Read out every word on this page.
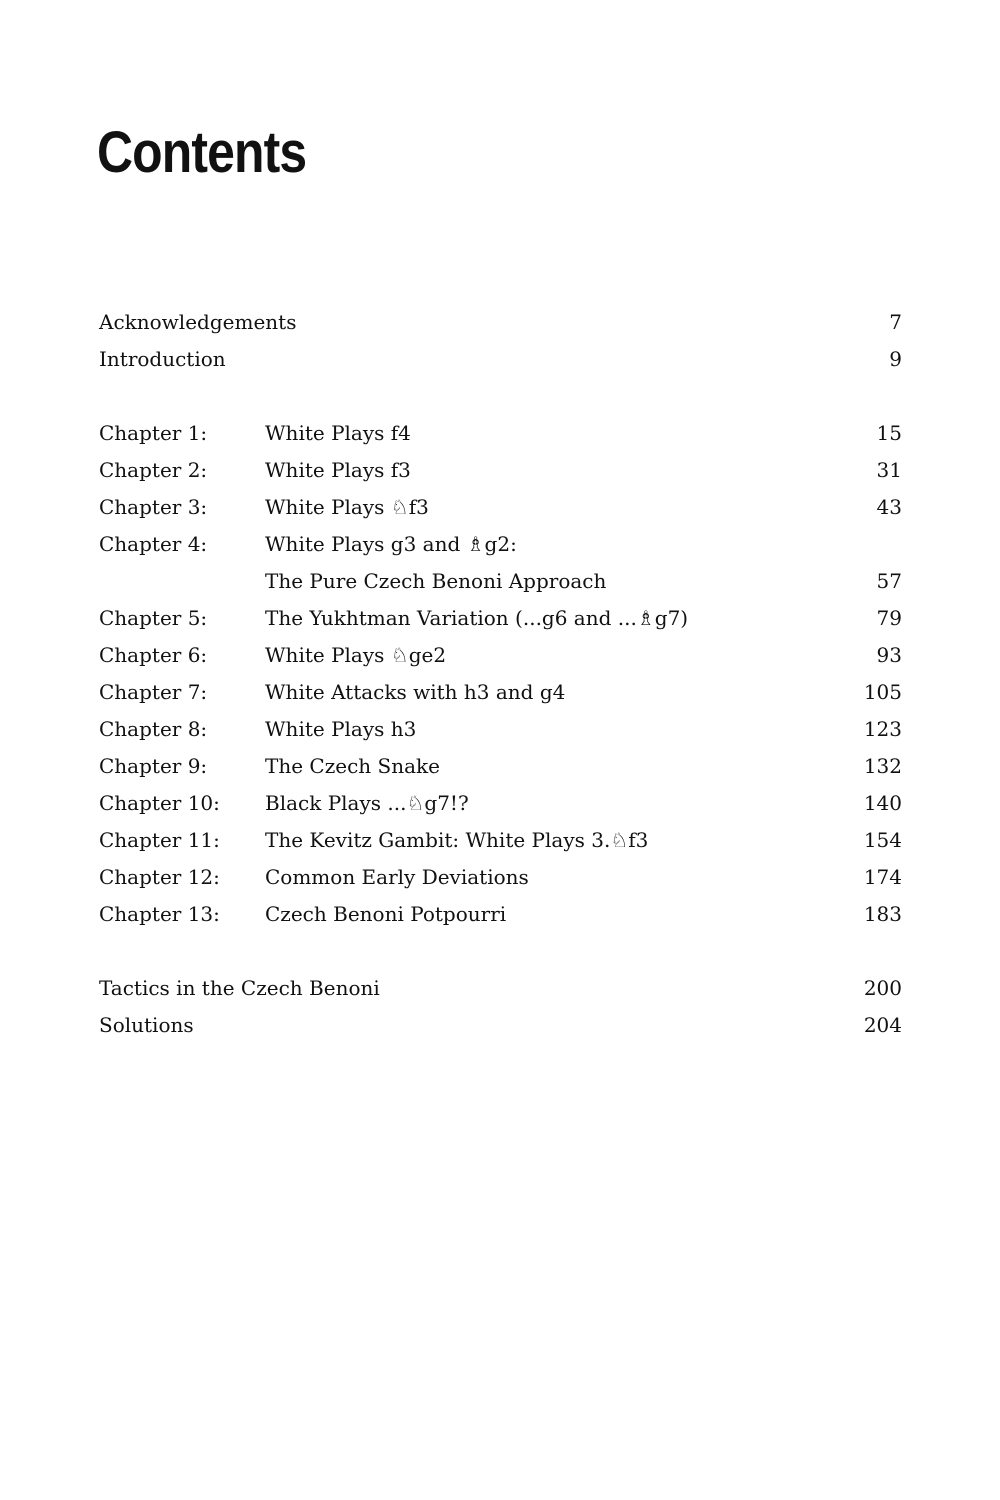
Contents
Acknowledgements	7
Introduction	9
Chapter 1:	White Plays f4	15
Chapter 2:	White Plays f3	31
Chapter 3:	White Plays ♘f3	43
Chapter 4:	White Plays g3 and ♗g2:
The Pure Czech Benoni Approach	57
Chapter 5:	The Yukhtman Variation (...g6 and ...♗g7)	79
Chapter 6:	White Plays ♘ge2	93
Chapter 7:	White Attacks with h3 and g4	105
Chapter 8:	White Plays h3	123
Chapter 9:	The Czech Snake	132
Chapter 10: Black Plays ...♘g7!?	140
Chapter 11: The Kevitz Gambit: White Plays 3.♘f3	154
Chapter 12: Common Early Deviations	174
Chapter 13: Czech Benoni Potpourri	183
Tactics in the Czech Benoni	200
Solutions	204
